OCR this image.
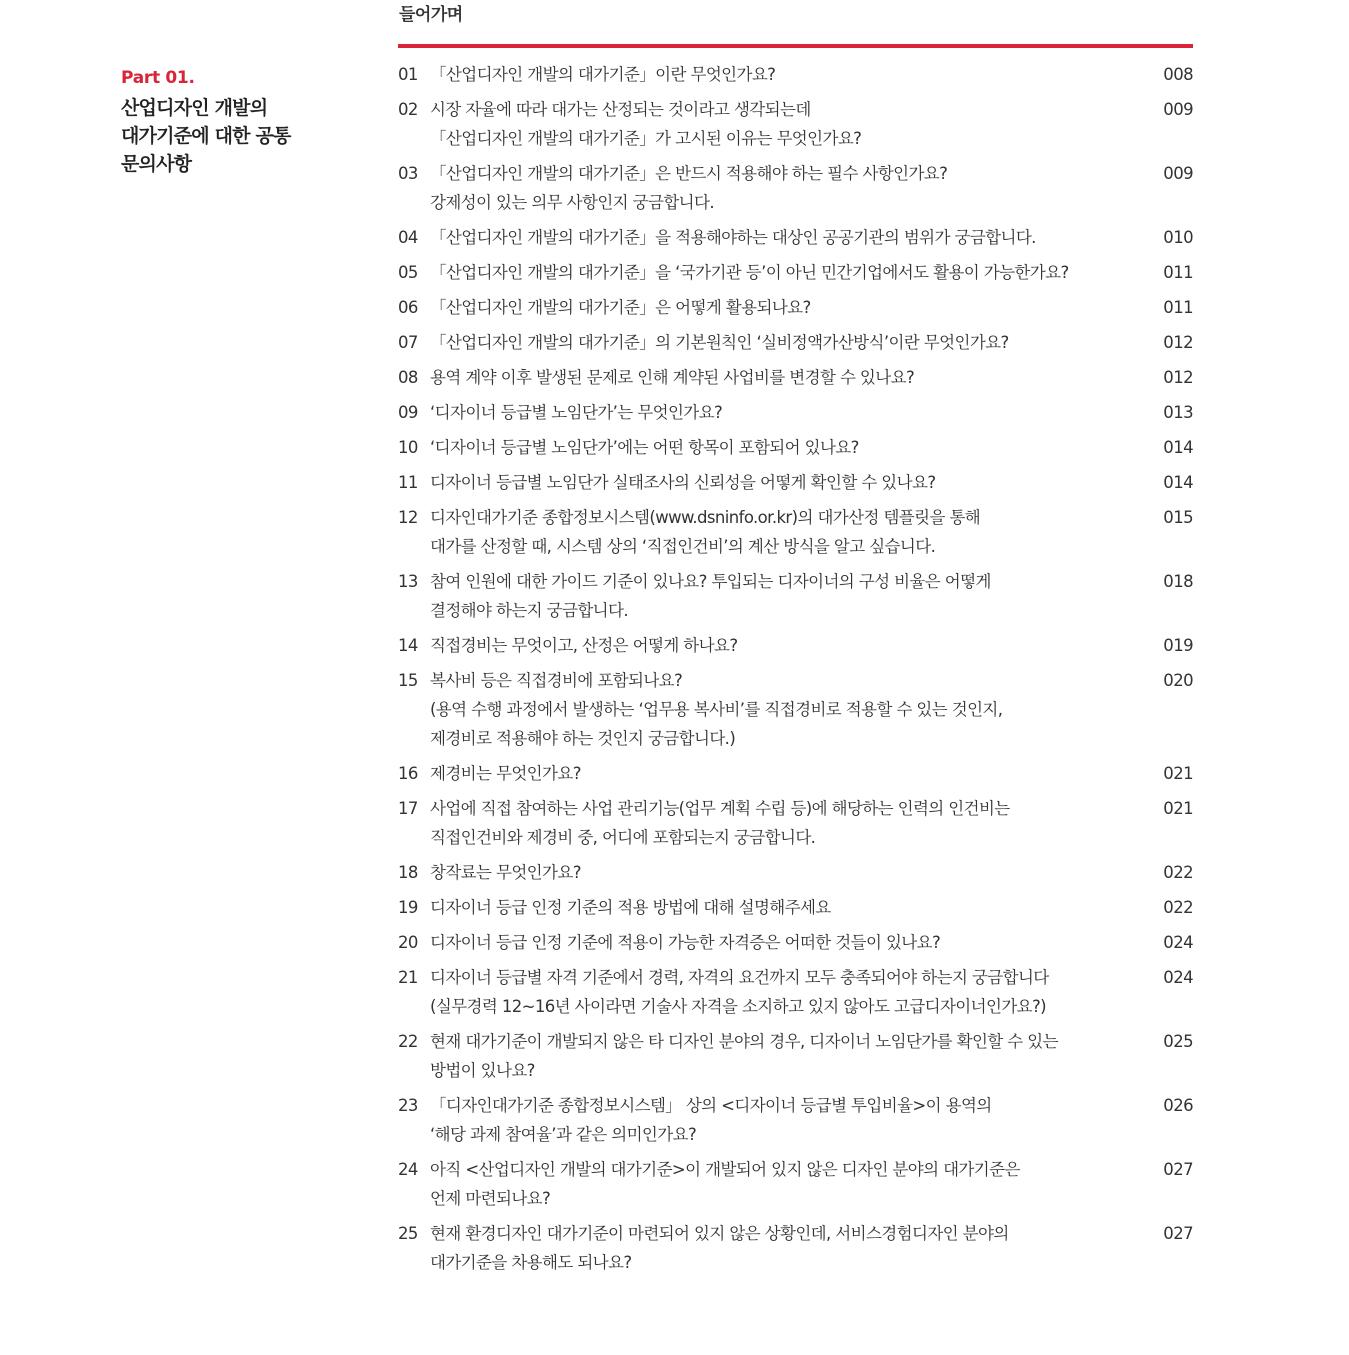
들어가며
Part 01.
산업디자인 개발의
대가기준에 대한 공통
문의사항
01 「산업디자인 개발의 대가기준」이란 무엇인가요?	008
02 시장 자율에 따라 대가는 산정되는 것이라고 생각되는데
「산업디자인 개발의 대가기준」가 고시된 이유는 무엇인가요?
009
03 「산업디자인 개발의 대가기준」은 반드시 적용해야 하는 필수 사항인가요?
강제성이 있는 의무 사항인지 궁금합니다.
009
04 「산업디자인 개발의 대가기준」을 적용해야하는 대상인 공공기관의 범위가 궁금합니다.	010
05 「산업디자인 개발의 대가기준」을 ‘국가기관 등’이 아닌 민간기업에서도 활용이 가능한가요?	011
06 「산업디자인 개발의 대가기준」은 어떻게 활용되나요?	011
07 「산업디자인 개발의 대가기준」의 기본원칙인 ‘실비정액가산방식’이란 무엇인가요?	012
08 용역 계약 이후 발생된 문제로 인해 계약된 사업비를 변경할 수 있나요?	012
09 ‘디자이너 등급별 노임단가’는 무엇인가요?	013
10 ‘디자이너 등급별 노임단가’에는 어떤 항목이 포함되어 있나요?	014
11 디자이너 등급별 노임단가 실태조사의 신뢰성을 어떻게 확인할 수 있나요?	014
12 디자인대가기준 종합정보시스템(www.dsninfo.or.kr)의 대가산정 템플릿을 통해
대가를 산정할 때, 시스템 상의 ‘직접인건비’의 계산 방식을 알고 싶습니다.
015
13 참여 인원에 대한 가이드 기준이 있나요? 투입되는 디자이너의 구성 비율은 어떻게
결정해야 하는지 궁금합니다.
018
14 직접경비는 무엇이고, 산정은 어떻게 하나요?	019
15 복사비 등은 직접경비에 포함되나요?
(용역 수행 과정에서 발생하는 ‘업무용 복사비’를 직접경비로 적용할 수 있는 것인지,
제경비로 적용해야 하는 것인지 궁금합니다.)
020
16 제경비는 무엇인가요?	021
17 사업에 직접 참여하는 사업 관리기능(업무 계획 수립 등)에 해당하는 인력의 인건비는
직접인건비와 제경비 중, 어디에 포함되는지 궁금합니다.
021
18 창작료는 무엇인가요?	022
19 디자이너 등급 인정 기준의 적용 방법에 대해 설명해주세요	022
20 디자이너 등급 인정 기준에 적용이 가능한 자격증은 어떠한 것들이 있나요?	024
21 디자이너 등급별 자격 기준에서 경력, 자격의 요건까지 모두 충족되어야 하는지 궁금합니다
(실무경력 12~16년 사이라면 기술사 자격을 소지하고 있지 않아도 고급디자이너인가요?)
024
22 현재 대가기준이 개발되지 않은 타 디자인 분야의 경우, 디자이너 노임단가를 확인할 수 있는
방법이 있나요?
025
23 「디자인대가기준 종합정보시스템」 상의 <디자이너 등급별 투입비율>이 용역의
‘해당 과제 참여율’과 같은 의미인가요?
026
24 아직 <산업디자인 개발의 대가기준>이 개발되어 있지 않은 디자인 분야의 대가기준은
언제 마련되나요?
027
25 현재 환경디자인 대가기준이 마련되어 있지 않은 상황인데, 서비스경험디자인 분야의
대가기준을 차용해도 되나요?
027
